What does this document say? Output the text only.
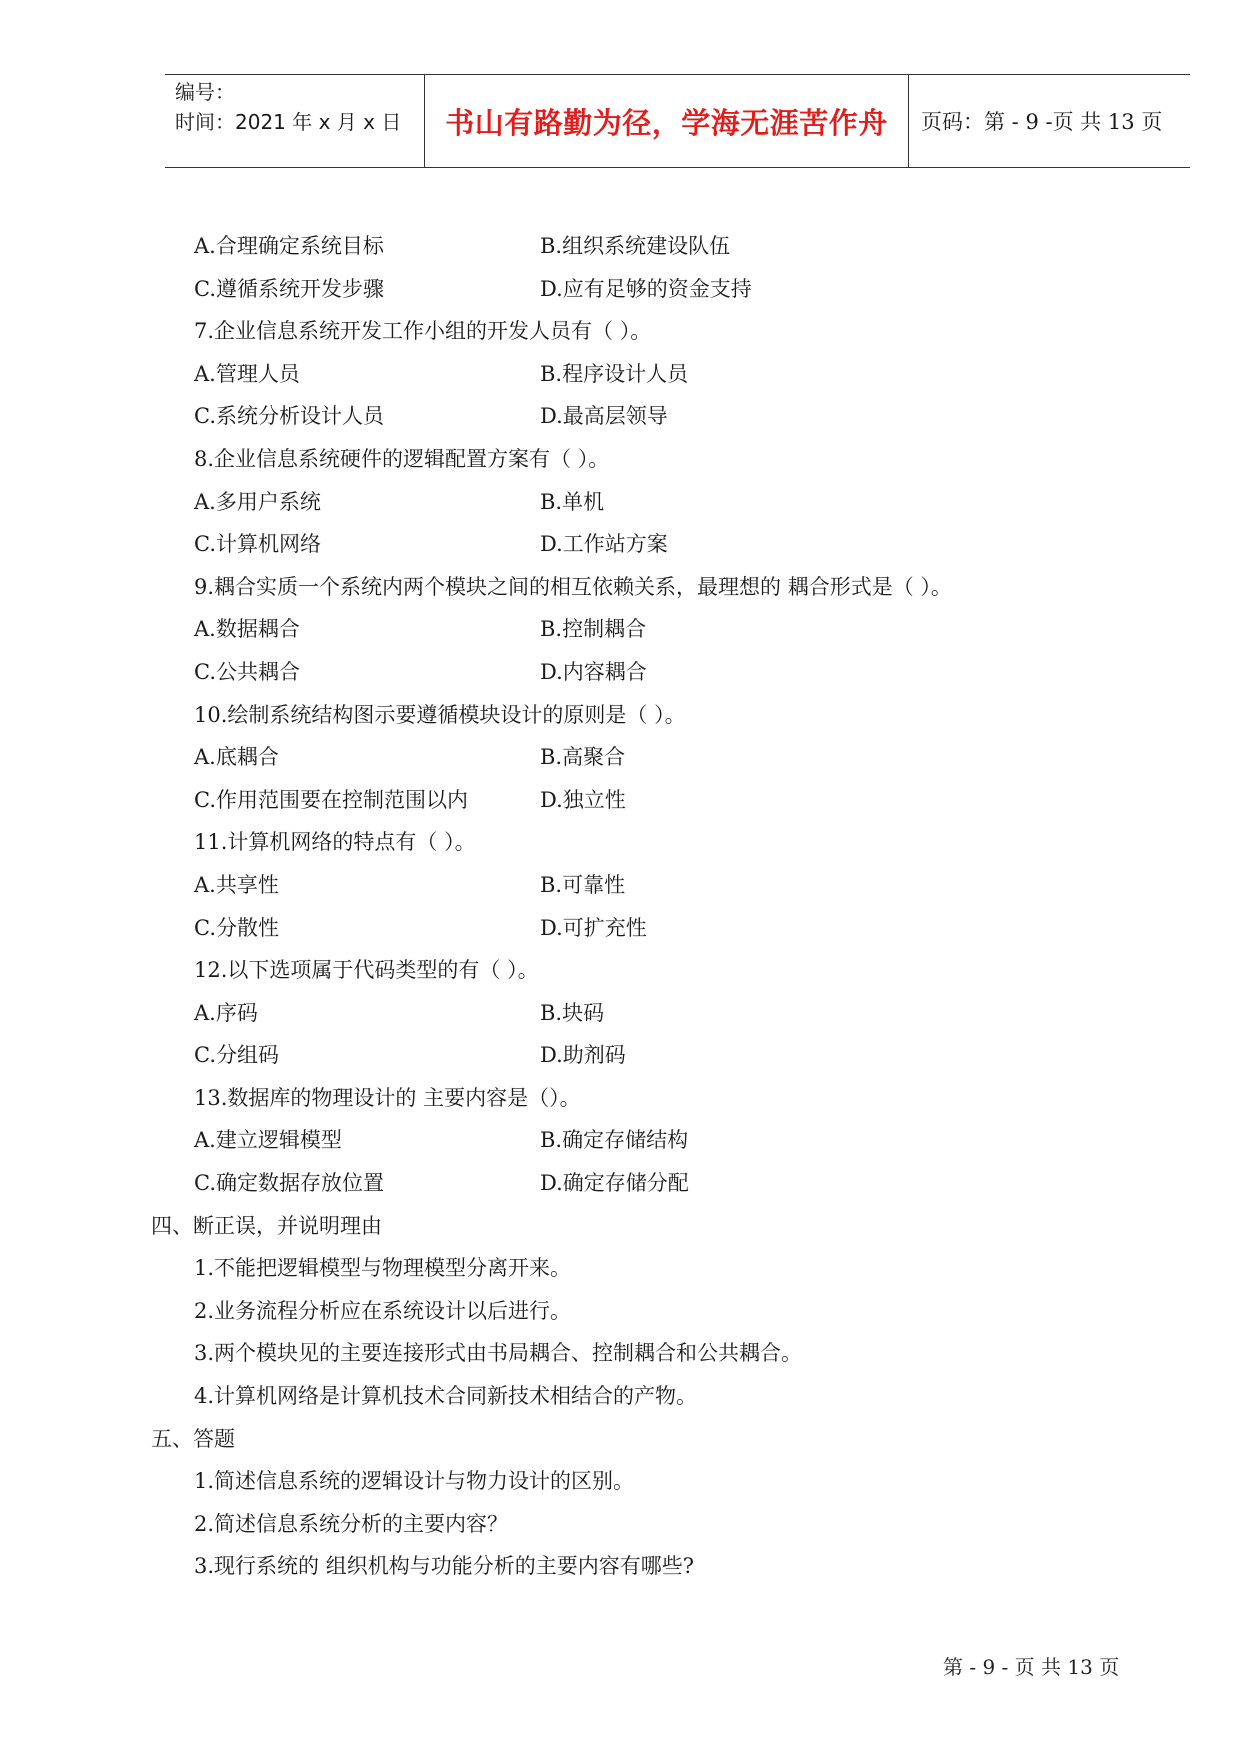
编号：
时间：2021 年 x 月 x 日	书山有路勤为径，学海无涯苦作舟	页码：第 - 9 -页 共 13 页
A.合理确定系统目标	B.组织系统建设队伍
C.遵循系统开发步骤	D.应有足够的资金支持
7.企业信息系统开发工作小组的开发人员有（ ）。
A.管理人员	B.程序设计人员
C.系统分析设计人员	D.最高层领导
8.企业信息系统硬件的逻辑配置方案有（ ）。
A.多用户系统	B.单机
C.计算机网络	D.工作站方案
9.耦合实质一个系统内两个模块之间的相互依赖关系，最理想的 耦合形式是（ ）。
A.数据耦合	B.控制耦合
C.公共耦合	D.内容耦合
10.绘制系统结构图示要遵循模块设计的原则是（ ）。
A.底耦合	B.高聚合
C.作用范围要在控制范围以内	D.独立性
11.计算机网络的特点有（ ）。
A.共享性	B.可靠性
C.分散性	D.可扩充性
12.以下选项属于代码类型的有（ ）。
A.序码	B.块码
C.分组码	D.助剂码
13.数据库的物理设计的 主要内容是（）。
A.建立逻辑模型	B.确定存储结构
C.确定数据存放位置	D.确定存储分配
四、断正误，并说明理由
1.不能把逻辑模型与物理模型分离开来。
2.业务流程分析应在系统设计以后进行。
3.两个模块见的主要连接形式由书局耦合、控制耦合和公共耦合。
4.计算机网络是计算机技术合同新技术相结合的产物。
五、答题
1.简述信息系统的逻辑设计与物力设计的区别。
2.简述信息系统分析的主要内容？
3.现行系统的 组织机构与功能分析的主要内容有哪些?
第 - 9 - 页 共 13 页
